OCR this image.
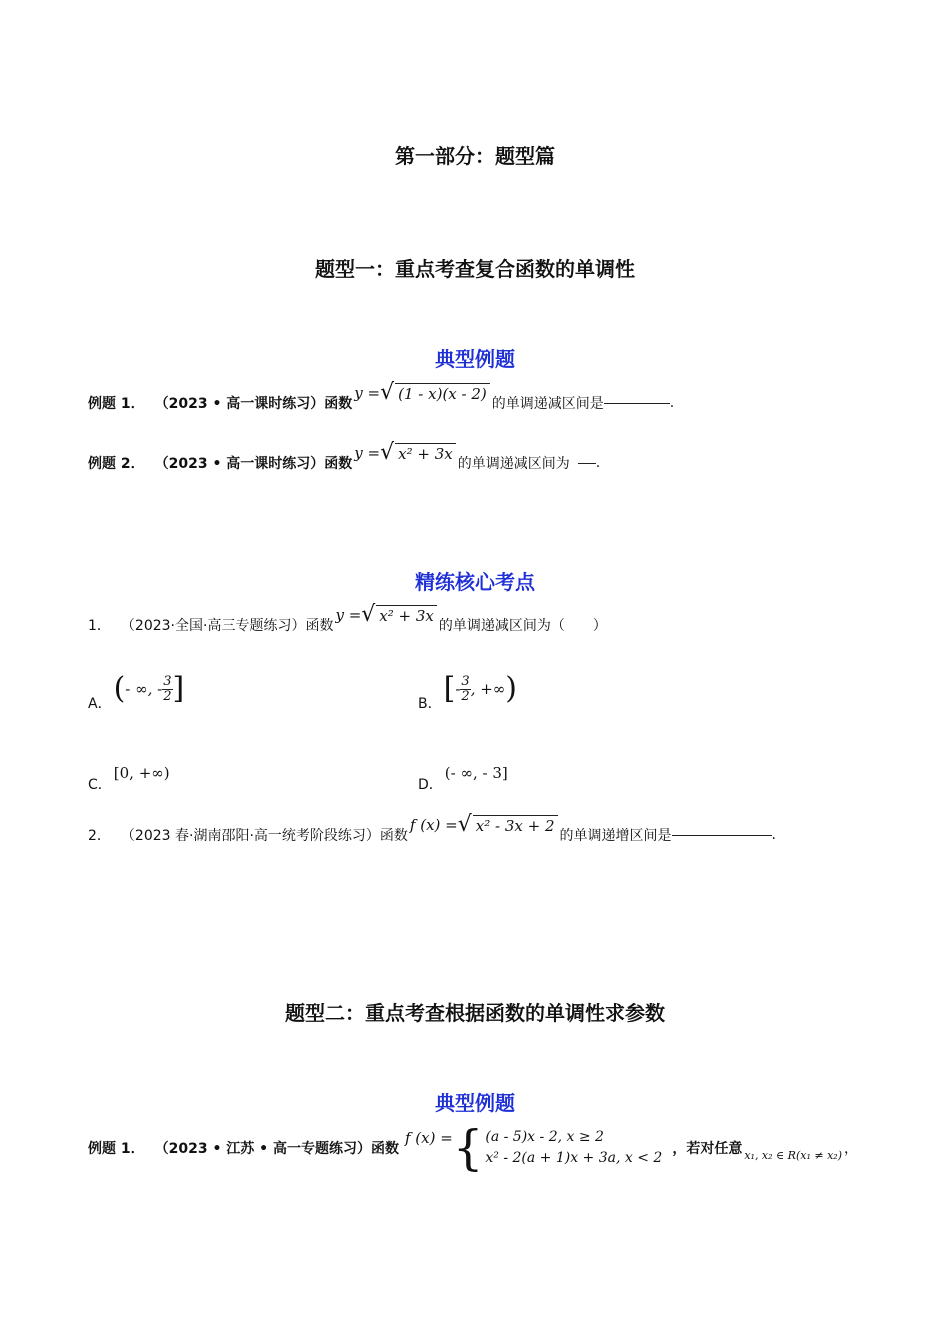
第一部分：题型篇
题型一：重点考查复合函数的单调性
典型例题
例题 1． （2023 • 高一课时练习）函数
y = √ (1 - x)(x - 2)
的单调递减区间是	.
例题 2． （2023 • 高一课时练习）函数
y = √ x² + 3x
的单调递减区间为 .
精练核心考点
1． （2023·全国·高三专题练习）函数
y = √ x² + 3x
的单调递减区间为（　　）
A． ( - ∞, - $\frac{3}{2}$ ]	B． [ - $\frac{3}{2}$ , +∞ )
C．
[0, +∞)
D．
(- ∞, - 3]
2． （2023 春·湖南邵阳·高一统考阶段练习）函数
f (x) = √ x² - 3x + 2
的单调递增区间是	.
题型二：重点考查根据函数的单调性求参数
典型例题
例题 1． （2023 • 江苏 • 高一专题练习）函数
f (x) = { (a - 5)x - 2, x ≥ 2
x² - 2(a + 1)x + 3a, x < 2
，若对任意 x₁, x₂ ∈ R(x₁ ≠ x₂) ，
